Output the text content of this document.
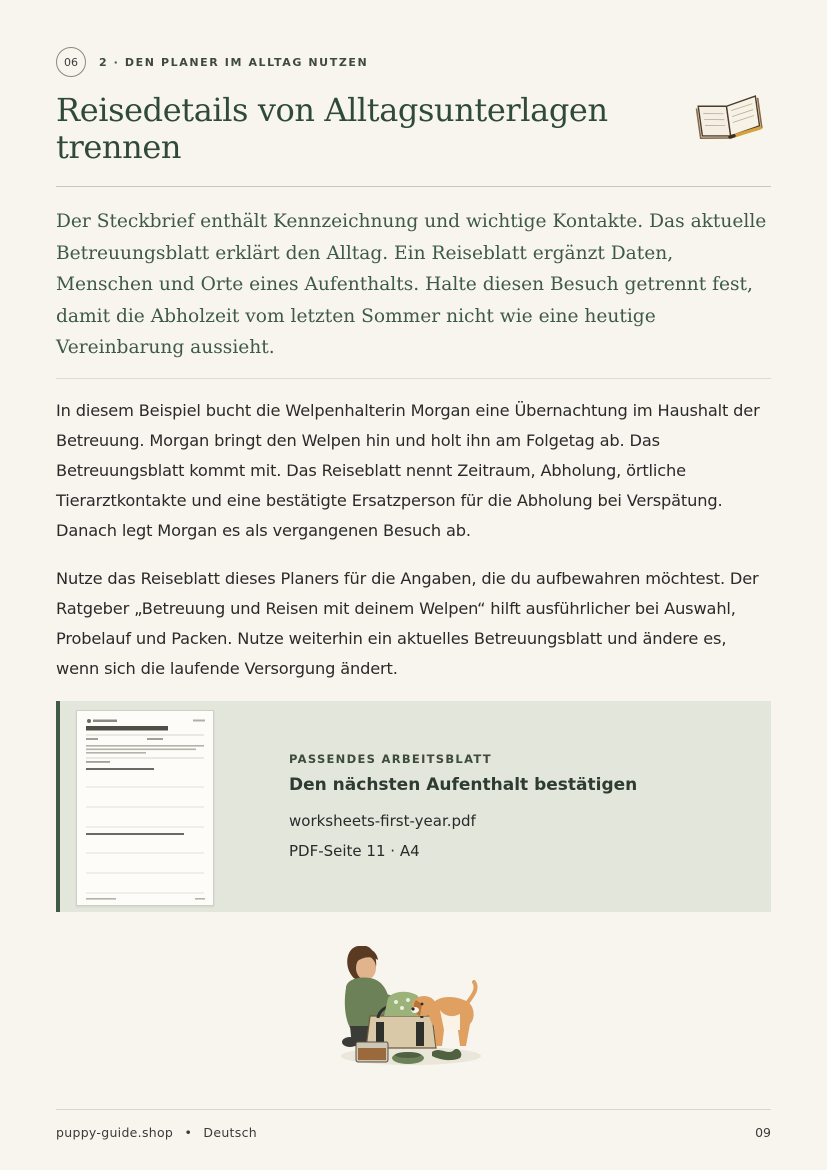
06	2 · DEN PLANER IM ALLTAG NUTZEN
Reisedetails von Alltagsunterlagen trennen

Der Steckbrief enthält Kennzeichnung und wichtige Kontakte. Das aktuelle Betreuungsblatt erklärt den Alltag. Ein Reiseblatt ergänzt Daten, Menschen und Orte eines Aufenthalts. Halte diesen Besuch getrennt fest, damit die Abholzeit vom letzten Sommer nicht wie eine heutige Vereinbarung aussieht.

In diesem Beispiel bucht die Welpenhalterin Morgan eine Übernachtung im Haushalt der Betreuung. Morgan bringt den Welpen hin und holt ihn am Folgetag ab. Das Betreuungsblatt kommt mit. Das Reiseblatt nennt Zeitraum, Abholung, örtliche Tierarztkontakte und eine bestätigte Ersatzperson für die Abholung bei Verspätung. Danach legt Morgan es als vergangenen Besuch ab.

Nutze das Reiseblatt dieses Planers für die Angaben, die du aufbewahren möchtest. Der Ratgeber „Betreuung und Reisen mit deinem Welpen“ hilft ausführlicher bei Auswahl, Probelauf und Packen. Nutze weiterhin ein aktuelles Betreuungsblatt und ändere es, wenn sich die laufende Versorgung ändert.

PASSENDES ARBEITSBLATT
Den nächsten Aufenthalt bestätigen
worksheets-first-year.pdf
PDF-Seite 11 · A4
puppy-guide.shop • Deutsch	09
